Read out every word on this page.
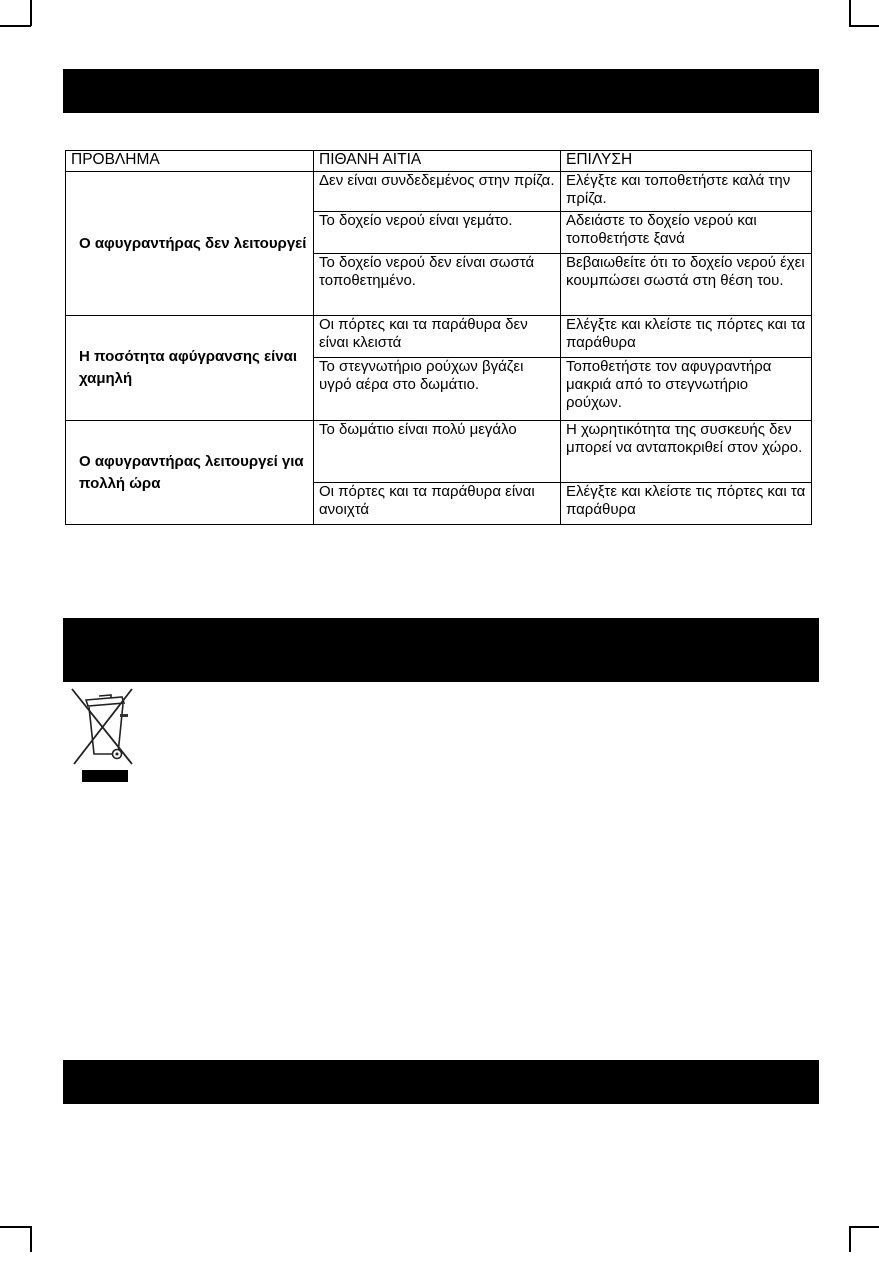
ΠΡΟΒΛΗΜΑ	ΠΙΘΑΝΗ ΑΙΤΙΑ	ΕΠΙΛΥΣΗ
Ο αφυγραντήρας δεν λειτουργεί	Δεν είναι συνδεδεμένος στην πρίζα.	Ελέγξτε και τοποθετήστε καλά την πρίζα.
	Το δοχείο νερού είναι γεμάτο.	Αδειάστε το δοχείο νερού και τοποθετήστε ξανά
	Το δοχείο νερού δεν είναι σωστά τοποθετημένο.	Βεβαιωθείτε ότι το δοχείο νερού έχει κουμπώσει σωστά στη θέση του.
Η ποσότητα αφύγρανσης είναι χαμηλή	Οι πόρτες και τα παράθυρα δεν είναι κλειστά	Ελέγξτε και κλείστε τις πόρτες και τα παράθυρα
	Το στεγνωτήριο ρούχων βγάζει υγρό αέρα στο δωμάτιο.	Τοποθετήστε τον αφυγραντήρα μακριά από το στεγνωτήριο ρούχων.
Ο αφυγραντήρας λειτουργεί για πολλή ώρα	Το δωμάτιο είναι πολύ μεγάλο	Η χωρητικότητα της συσκευής δεν μπορεί να ανταποκριθεί στον χώρο.
	Οι πόρτες και τα παράθυρα είναι ανοιχτά	Ελέγξτε και κλείστε τις πόρτες και τα παράθυρα
